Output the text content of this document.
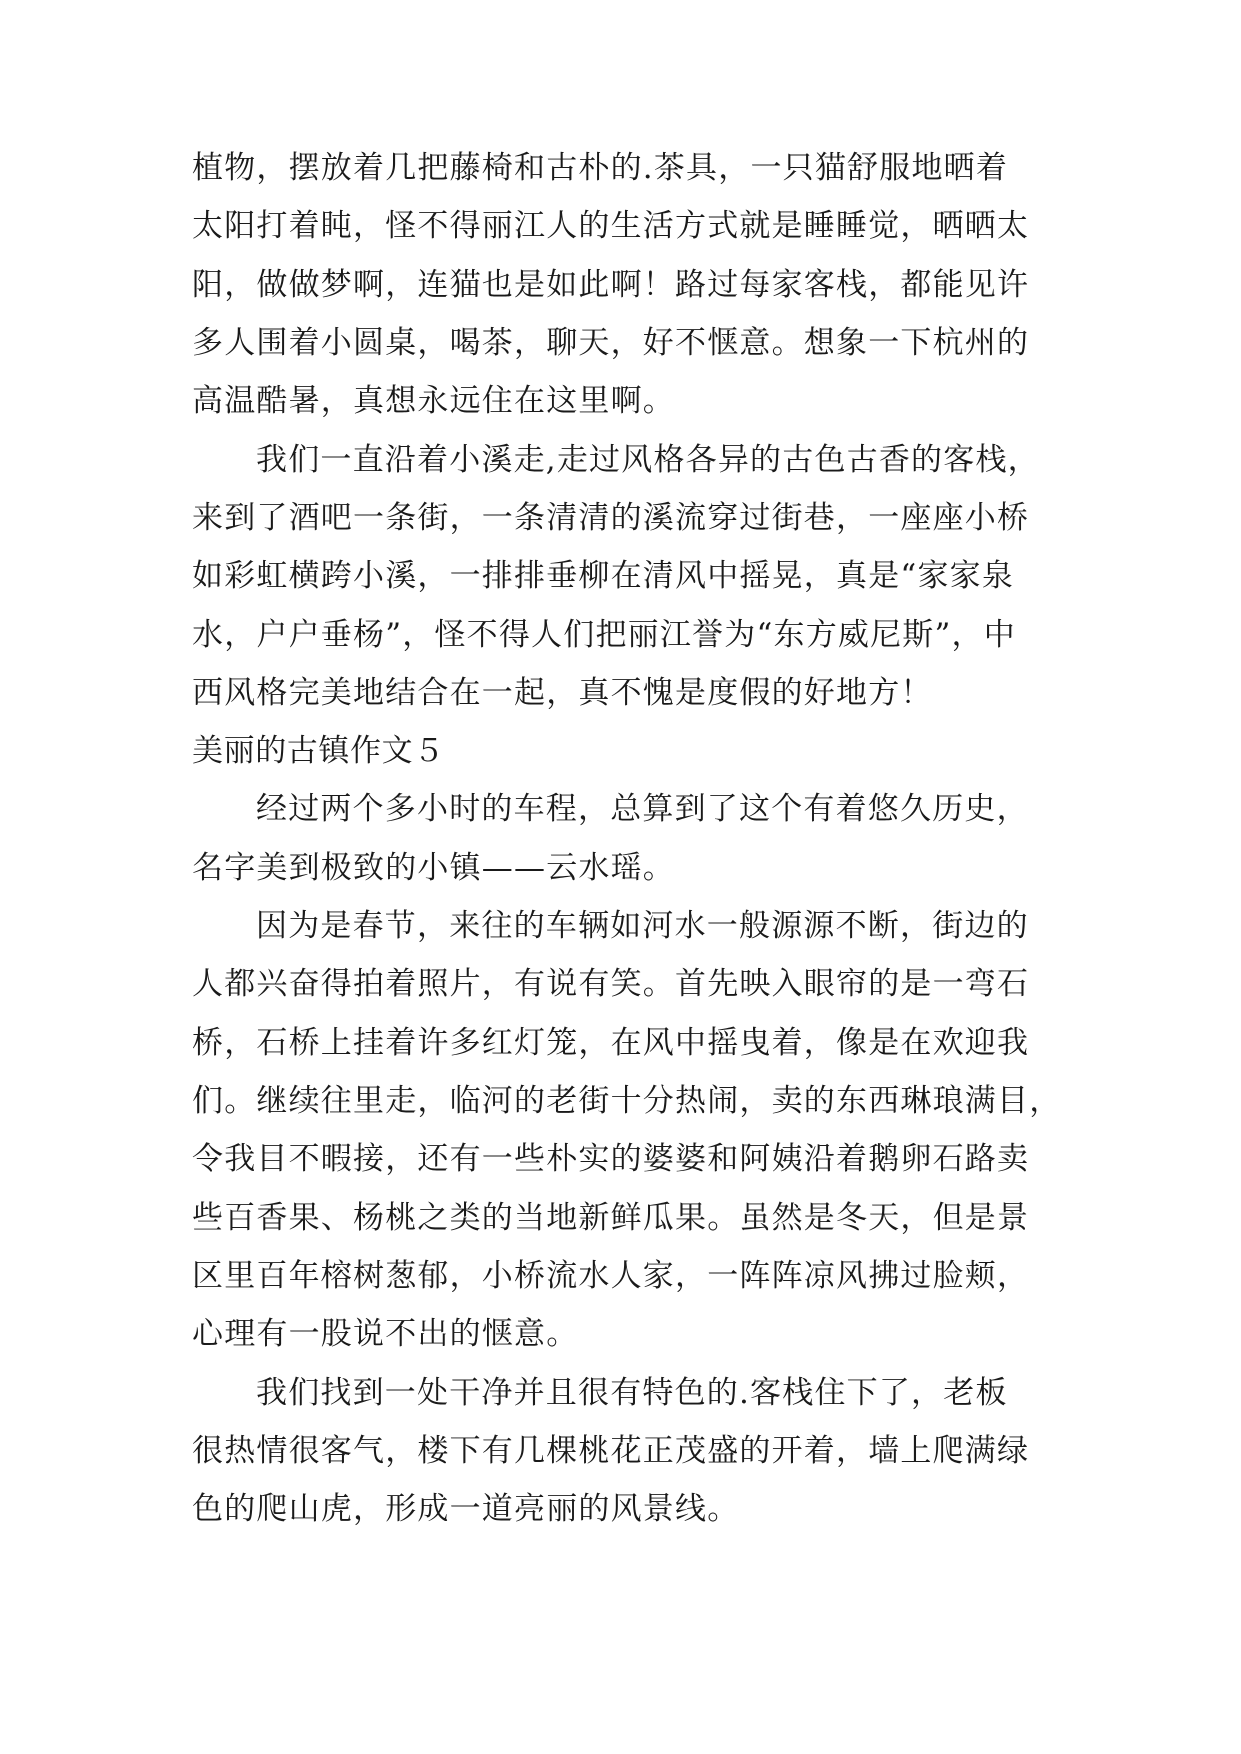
植物，摆放着几把藤椅和古朴的.茶具，一只猫舒服地晒着
太阳打着盹，怪不得丽江人的生活方式就是睡睡觉，晒晒太
阳，做做梦啊，连猫也是如此啊！路过每家客栈，都能见许
多人围着小圆桌，喝茶，聊天，好不惬意。想象一下杭州的
高温酷暑，真想永远住在这里啊。
我们一直沿着小溪走,走过风格各异的古色古香的客栈，
来到了酒吧一条街，一条清清的溪流穿过街巷，一座座小桥
如彩虹横跨小溪，一排排垂柳在清风中摇晃，真是“家家泉
水，户户垂杨”，怪不得人们把丽江誉为“东方威尼斯”，中
西风格完美地结合在一起，真不愧是度假的好地方！
美丽的古镇作文５
经过两个多小时的车程，总算到了这个有着悠久历史，
名字美到极致的小镇——云水瑶。
因为是春节，来往的车辆如河水一般源源不断，街边的
人都兴奋得拍着照片，有说有笑。首先映入眼帘的是一弯石
桥，石桥上挂着许多红灯笼，在风中摇曳着，像是在欢迎我
们。继续往里走，临河的老街十分热闹，卖的东西琳琅满目，
令我目不暇接，还有一些朴实的婆婆和阿姨沿着鹅卵石路卖
些百香果、杨桃之类的当地新鲜瓜果。虽然是冬天，但是景
区里百年榕树葱郁，小桥流水人家，一阵阵凉风拂过脸颊，
心理有一股说不出的惬意。
我们找到一处干净并且很有特色的.客栈住下了，老板
很热情很客气，楼下有几棵桃花正茂盛的开着，墙上爬满绿
色的爬山虎，形成一道亮丽的风景线。
